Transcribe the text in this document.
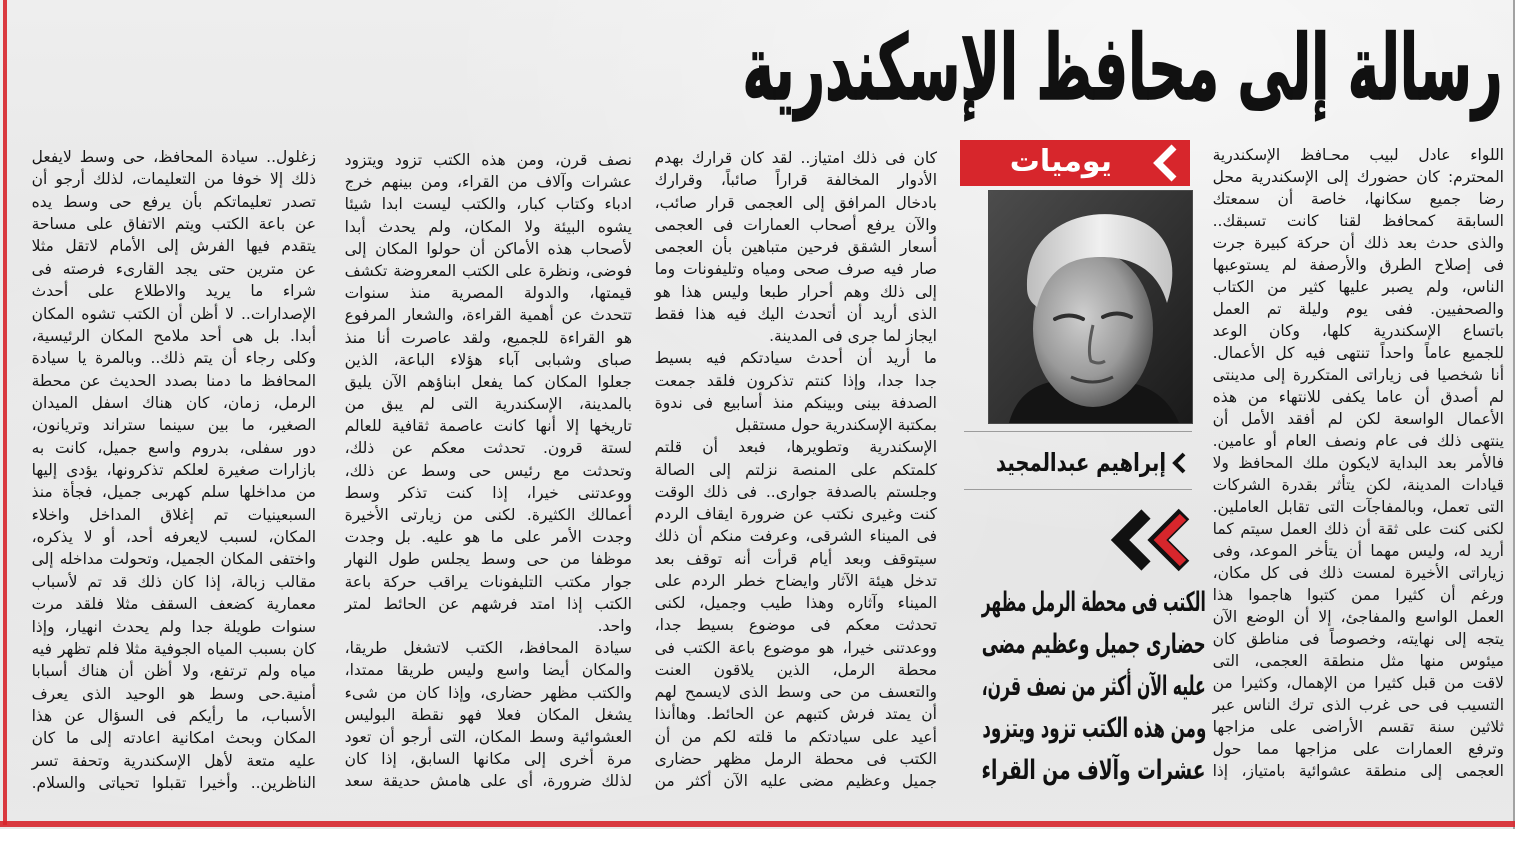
رسالة إلى محافظ الإسكندرية
اللواء عادل لبيب محـافظ الإسكندرية
المحترم: كان حضورك إلى الإسكندرية محل
رضا جميع سكانها، خاصة أن سمعتك
السابقة كمحافظ لقنا كانت تسبقك..
والذى حدث بعد ذلك أن حركة كبيرة جرت
فى إصلاح الطرق والأرصفة لم يستوعبها
الناس، ولم يصبر عليها كثير من الكتاب
والصحفيين. ففى يوم وليلة تم العمل
باتساع الإسكندرية كلها، وكان الوعد
للجميع عاماً واحداً تنتهى فيه كل الأعمال.
أنا شخصيا فى زياراتى المتكررة إلى مدينتى
لم أصدق أن عاما يكفى للانتهاء من هذه
الأعمال الواسعة لكن لم أفقد الأمل أن
ينتهى ذلك فى عام ونصف العام أو عامين.
فالأمر بعد البداية لايكون ملك المحافظ ولا
قيادات المدينة، لكن يتأثر بقدرة الشركات
التى تعمل، وبالمفاجآت التى تقابل العاملين.
لكنى كنت على ثقة أن ذلك العمل سيتم كما
أريد له، وليس مهما أن يتأخر الموعد، وفى
زياراتى الأخيرة لمست ذلك فى كل مكان،
ورغم أن كثيرا ممن كتبوا هاجموا هذا
العمل الواسع والمفاجئ، إلا أن الوضع الآن
يتجه إلى نهايته، وخصوصاً فى مناطق كان
ميئوس منها مثل منطقة العجمى، التى
لاقت من قبل كثيرا من الإهمال، وكثيرا من
التسيب فى حى غرب الذى ترك الناس عبر
ثلاثين سنة تقسم الأراضى على مزاجها
وترفع العمارات على مزاجها مما حول
العجمى إلى منطقة عشوائية بامتياز، إذا
يوميات
إبراهيم عبدالمجيد
الكتب فى محطة الرمل مظهر
حضارى جميل وعظيم مضى
عليه الآن أكثر من نصف قرن،
ومن هذه الكتب تزود ويتزود
عشرات وآلاف من القراء
كان فى ذلك امتياز.. لقد كان قرارك بهدم
الأدوار المخالفة قراراً صائباً، وقرارك
بادخال المرافق إلى العجمى قرار صائب،
والآن يرفع أصحاب العمارات فى العجمى
أسعار الشقق فرحين متباهين بأن العجمى
صار فيه صرف صحى ومياه وتليفونات وما
إلى ذلك وهم أحرار طبعا وليس هذا هو
الذى أريد أن أتحدث اليك فيه هذا فقط
ايجاز لما جرى فى المدينة.
ما أريد أن أحدث سيادتكم فيه بسيط
جدا جدا، وإذا كنتم تذكرون فلقد جمعت
الصدفة بينى وبينكم منذ أسابيع فى ندوة
بمكتبة الإسكندرية حول مستقبل
الإسكندرية وتطويرها، فبعد أن قلتم
كلمتكم على المنصة نزلتم إلى الصالة
وجلستم بالصدفة جوارى.. فى ذلك الوقت
كنت وغيرى نكتب عن ضرورة ايقاف الردم
فى الميناء الشرقى، وعرفت منكم أن ذلك
سيتوقف وبعد أيام قرأت أنه توقف بعد
تدخل هيئة الآثار وايضاح خطر الردم على
الميناء وآثاره وهذا طيب وجميل، لكنى
تحدثت معكم فى موضوع بسيط جدا،
ووعدتنى خيرا، هو موضوع باعة الكتب فى
محطة الرمل، الذين يلاقون العنت
والتعسف من حى وسط الذى لايسمح لهم
أن يمتد فرش كتبهم عن الحائط. وهاأنذا
أعيد على سيادتكم ما قلته لكم من أن
الكتب فى محطة الرمل مظهر حضارى
جميل وعظيم مضى عليه الآن أكثر من
نصف قرن، ومن هذه الكتب تزود ويتزود
عشرات وآلاف من القراء، ومن بينهم خرج
ادباء وكتاب كبار، والكتب ليست ابدا شيئا
يشوه البيئة ولا المكان، ولم يحدث أبدا
لأصحاب هذه الأماكن أن حولوا المكان إلى
فوضى، ونظرة على الكتب المعروضة تكشف
قيمتها، والدولة المصرية منذ سنوات
تتحدث عن أهمية القراءة، والشعار المرفوع
هو القراءة للجميع، ولقد عاصرت أنا منذ
صباى وشبابى آباء هؤلاء الباعة، الذين
جعلوا المكان كما يفعل ابناؤهم الآن يليق
بالمدينة، الإسكندرية التى لم يبق من
تاريخها إلا أنها كانت عاصمة ثقافية للعالم
لستة قرون. تحدثت معكم عن ذلك،
وتحدثت مع رئيس حى وسط عن ذلك،
ووعدتنى خيرا، إذا كنت تذكر وسط
أعمالك الكثيرة. لكنى من زيارتى الأخيرة
وجدت الأمر على ما هو عليه. بل وجدت
موظفا من حى وسط يجلس طول النهار
جوار مكتب التليفونات يراقب حركة باعة
الكتب إذا امتد فرشهم عن الحائط لمتر
واحد.
سيادة المحافظ، الكتب لاتشغل طريقا،
والمكان أيضا واسع وليس طريقا ممتدا،
والكتب مظهر حضارى، وإذا كان من شىء
يشغل المكان فعلا فهو نقطة البوليس
العشوائية وسط المكان، التى أرجو أن تعود
مرة أخرى إلى مكانها السابق، إذا كان
لذلك ضرورة، أى على هامش حديقة سعد
زغلول.. سيادة المحافظ، حى وسط لايفعل
ذلك إلا خوفا من التعليمات، لذلك أرجو أن
تصدر تعليماتكم بأن يرفع حى وسط يده
عن باعة الكتب ويتم الاتفاق على مساحة
يتقدم فيها الفرش إلى الأمام لاتقل مثلا
عن مترين حتى يجد القارىء فرصته فى
شراء ما يريد والاطلاع على أحدث
الإصدارات.. لا أظن أن الكتب تشوه المكان
أبدا. بل هى أحد ملامح المكان الرئيسية،
وكلى رجاء أن يتم ذلك.. وبالمرة يا سيادة
المحافظ ما دمنا بصدد الحديث عن محطة
الرمل، زمان، كان هناك اسفل الميدان
الصغير، ما بين سينما ستراند وتريانون،
دور سفلى، بدروم واسع جميل، كانت به
بازارات صغيرة لعلكم تذكرونها، يؤدى إليها
من مداخلها سلم كهربى جميل، فجأة منذ
السبعينيات تم إغلاق المداخل واخلاء
المكان، لسبب لايعرفه أحد، أو لا يذكره،
واختفى المكان الجميل، وتحولت مداخله إلى
مقالب زبالة، إذا كان ذلك قد تم لأسباب
معمارية كضعف السقف مثلا فلقد مرت
سنوات طويلة جدا ولم يحدث انهيار، وإذا
كان بسبب المياه الجوفية مثلا فلم تظهر فيه
مياه ولم ترتفع، ولا أظن أن هناك أسبابا
أمنية.حى وسط هو الوحيد الذى يعرف
الأسباب، ما رأيكم فى السؤال عن هذا
المكان وبحث امكانية اعادته إلى ما كان
عليه متعة لأهل الإسكندرية وتحفة تسر
الناظرين.. وأخيرا تقبلوا تحياتى والسلام.
